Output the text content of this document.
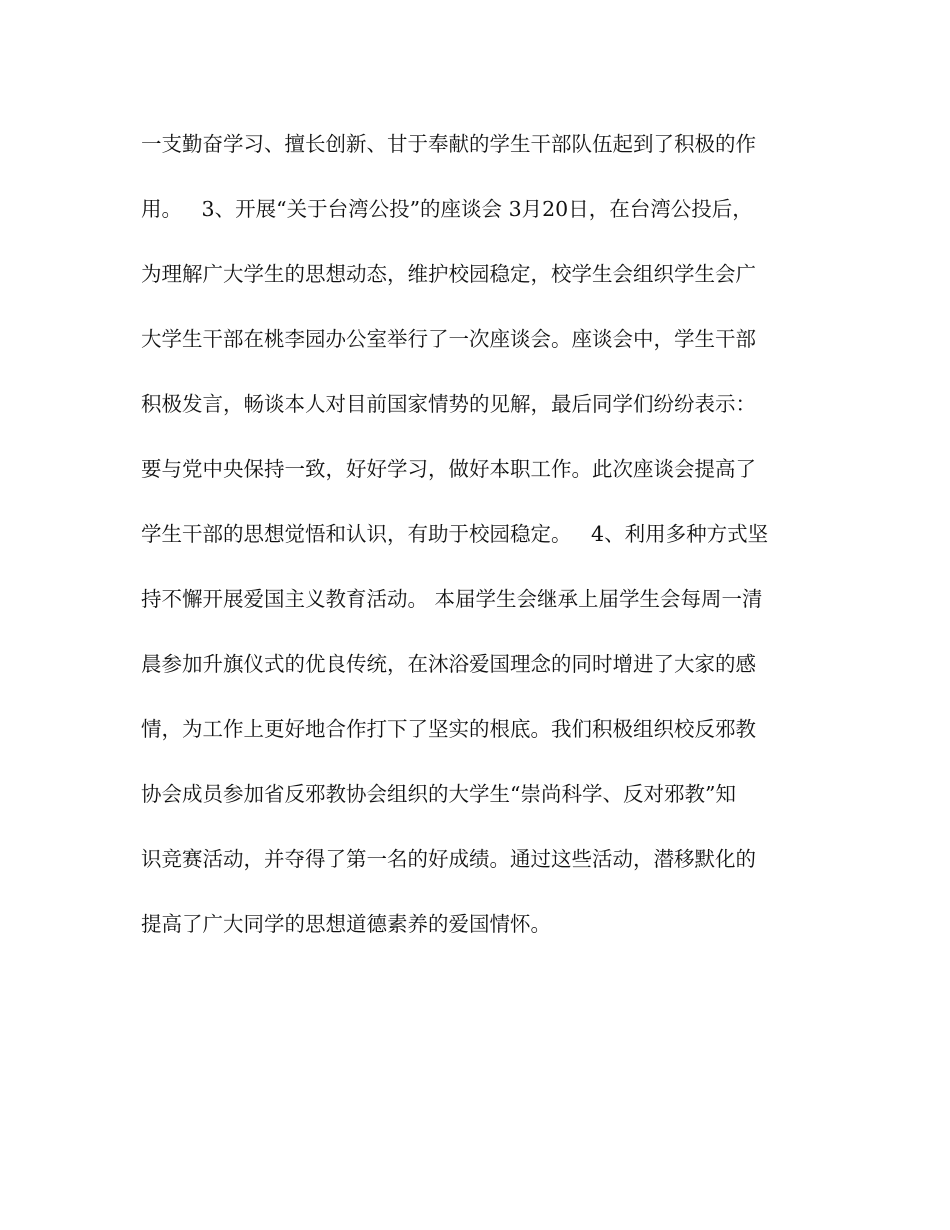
一支勤奋学习、擅长创新、甘于奉献的学生干部队伍起到了积极的作
用。   3、开展“关于台湾公投”的座谈会 3月20日，在台湾公投后，
为理解广大学生的思想动态，维护校园稳定，校学生会组织学生会广
大学生干部在桃李园办公室举行了一次座谈会。座谈会中，学生干部
积极发言，畅谈本人对目前国家情势的见解，最后同学们纷纷表示：
要与党中央保持一致，好好学习，做好本职工作。此次座谈会提高了
学生干部的思想觉悟和认识，有助于校园稳定。   4、利用多种方式坚
持不懈开展爱国主义教育活动。 本届学生会继承上届学生会每周一清
晨参加升旗仪式的优良传统，在沐浴爱国理念的同时增进了大家的感
情，为工作上更好地合作打下了坚实的根底。我们积极组织校反邪教
协会成员参加省反邪教协会组织的大学生“崇尚科学、反对邪教”知
识竞赛活动，并夺得了第一名的好成绩。通过这些活动，潜移默化的
提高了广大同学的思想道德素养的爱国情怀。
